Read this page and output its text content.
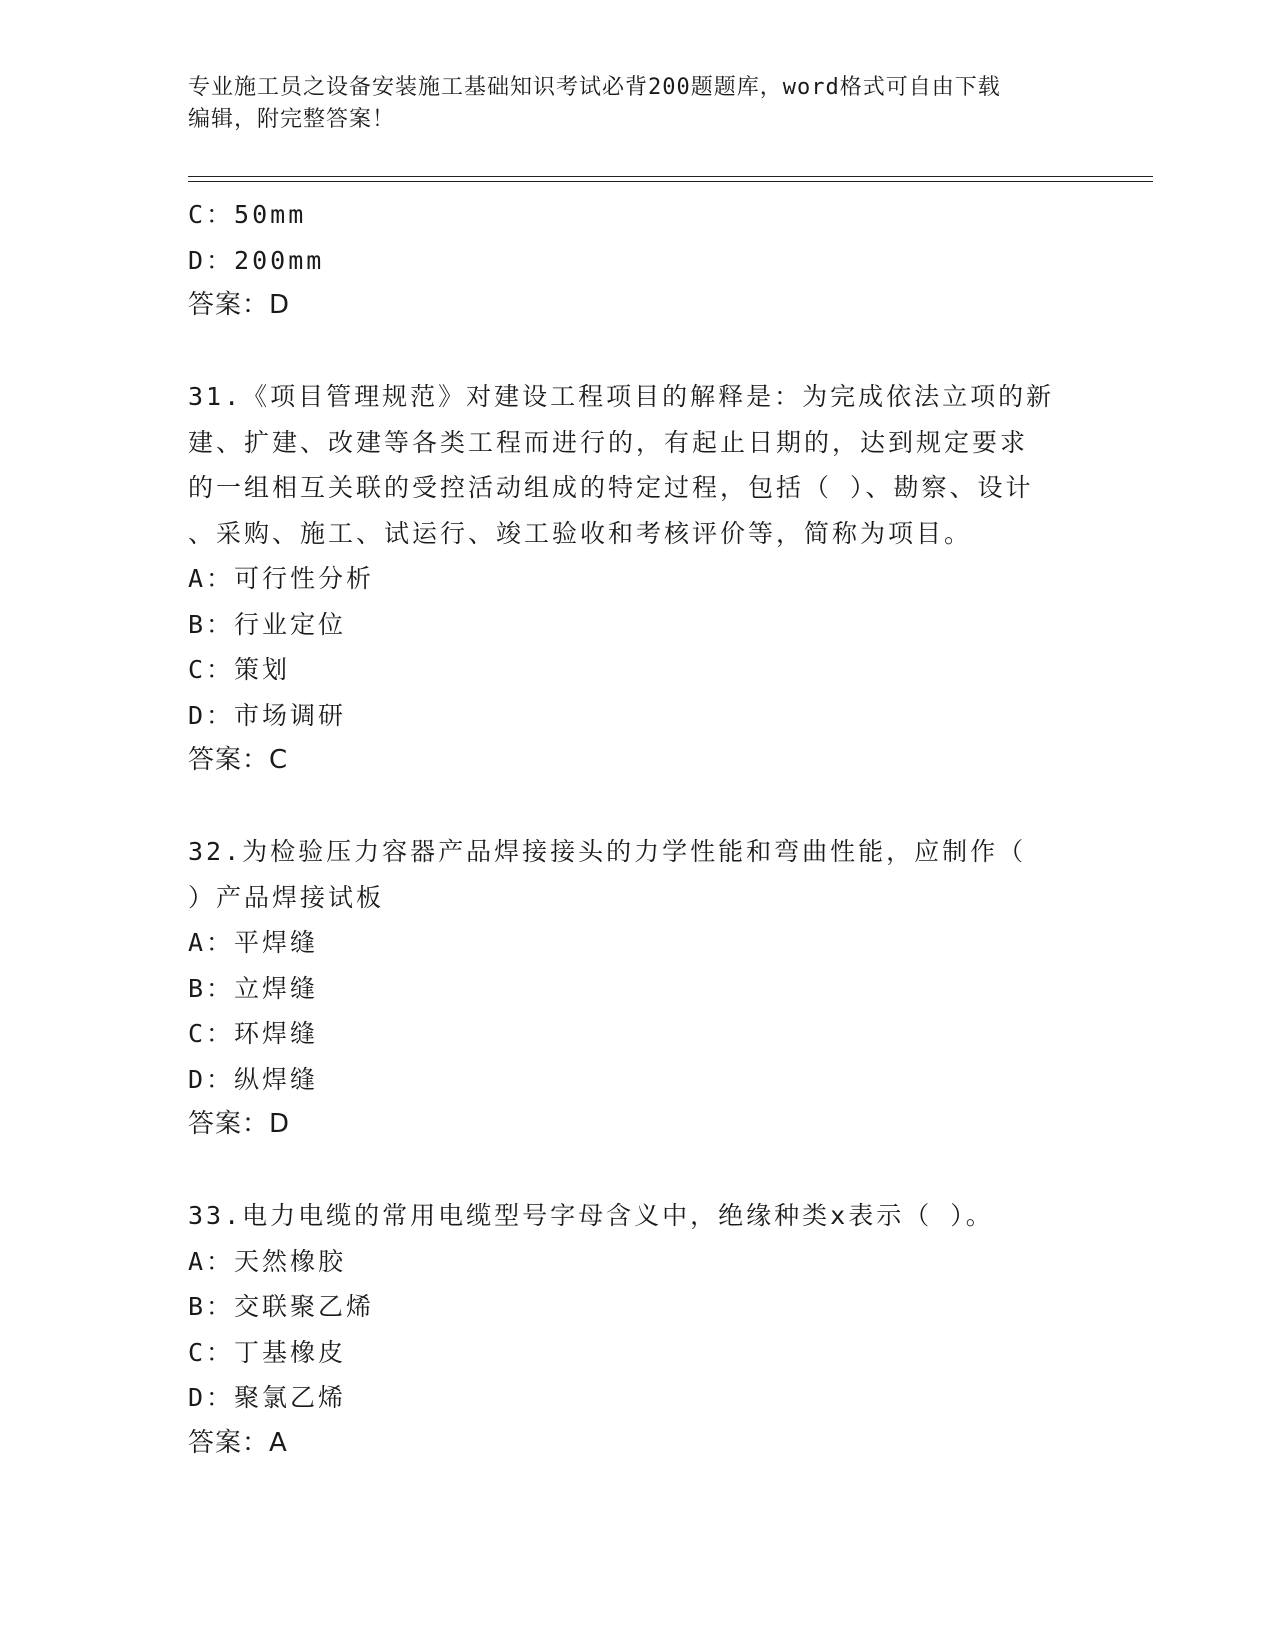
专业施工员之设备安装施工基础知识考试必背200题题库，word格式可自由下载
编辑，附完整答案！
C：50mm
D：200mm
答案：D
31.《项目管理规范》对建设工程项目的解释是：为完成依法立项的新
建、扩建、改建等各类工程而进行的，有起止日期的，达到规定要求
的一组相互关联的受控活动组成的特定过程，包括（ ）、勘察、设计
、采购、施工、试运行、竣工验收和考核评价等，简称为项目。
A：可行性分析
B：行业定位
C：策划
D：市场调研
答案：C
32.为检验压力容器产品焊接接头的力学性能和弯曲性能，应制作（
）产品焊接试板
A：平焊缝
B：立焊缝
C：环焊缝
D：纵焊缝
答案：D
33.电力电缆的常用电缆型号字母含义中，绝缘种类x表示（ ）。
A：天然橡胶
B：交联聚乙烯
C：丁基橡皮
D：聚氯乙烯
答案：A
